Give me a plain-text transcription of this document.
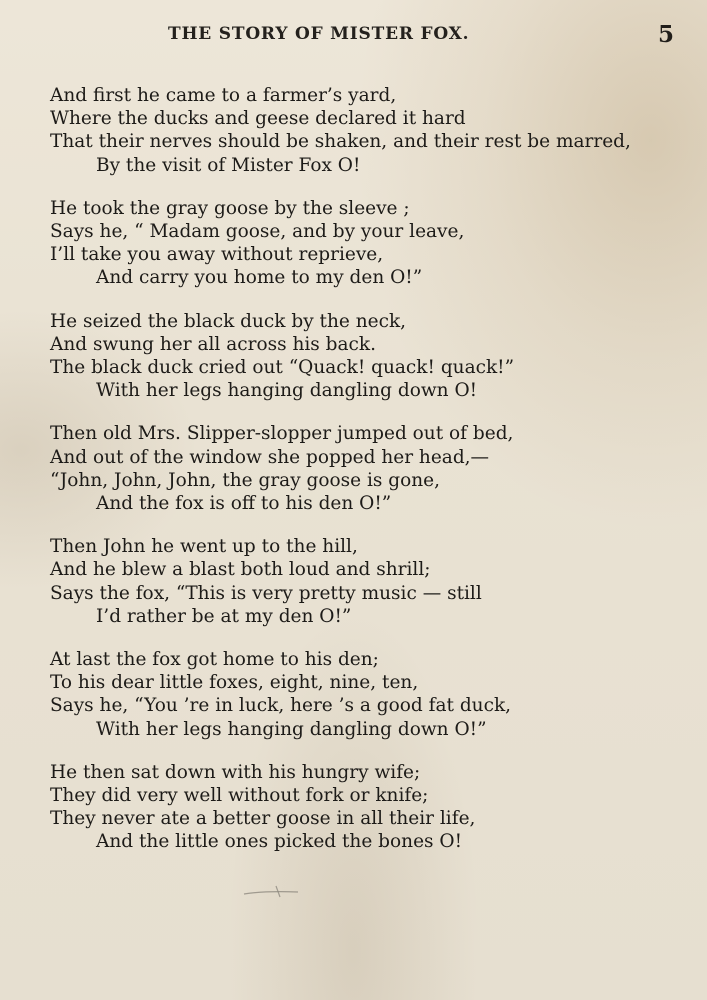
THE STORY OF MISTER FOX.	5
And first he came to a farmer’s yard,
Where the ducks and geese declared it hard
That their nerves should be shaken, and their rest be marred,
By the visit of Mister Fox O!
He took the gray goose by the sleeve ;
Says he, “ Madam goose, and by your leave,
I’ll take you away without reprieve,
And carry you home to my den O!”
He seized the black duck by the neck,
And swung her all across his back.
The black duck cried out “Quack! quack! quack!”
With her legs hanging dangling down O!
Then old Mrs. Slipper-slopper jumped out of bed,
And out of the window she popped her head,—
“John, John, John, the gray goose is gone,
And the fox is off to his den O!”
Then John he went up to the hill,
And he blew a blast both loud and shrill;
Says the fox, “This is very pretty music — still
I’d rather be at my den O!”
At last the fox got home to his den;
To his dear little foxes, eight, nine, ten,
Says he, “You ’re in luck, here ’s a good fat duck,
With her legs hanging dangling down O!”
He then sat down with his hungry wife;
They did very well without fork or knife;
They never ate a better goose in all their life,
And the little ones picked the bones O!
